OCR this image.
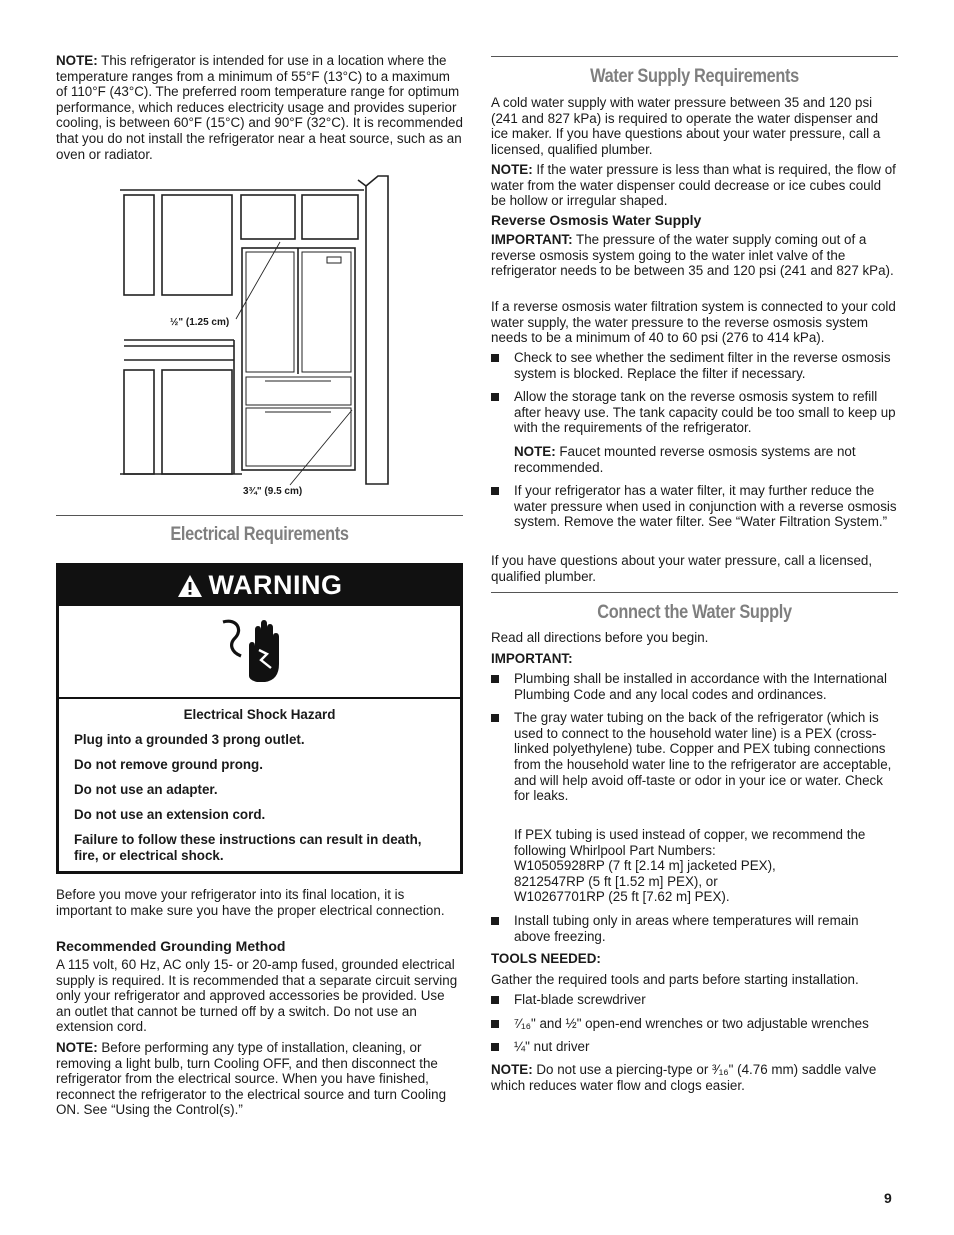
NOTE: This refrigerator is intended for use in a location where the temperature ranges from a minimum of 55°F (13°C) to a maximum of 110°F (43°C). The preferred room temperature range for optimum performance, which reduces electricity usage and provides superior cooling, is between 60°F (15°C) and 90°F (32°C). It is recommended that you do not install the refrigerator near a heat source, such as an oven or radiator.

½" (1.25 cm)
3¾" (9.5 cm)
Electrical Requirements
WARNING

Electrical Shock Hazard

Plug into a grounded 3 prong outlet.

Do not remove ground prong.

Do not use an adapter.

Do not use an extension cord.

Failure to follow these instructions can result in death, fire, or electrical shock.

Before you move your refrigerator into its final location, it is important to make sure you have the proper electrical connection.

Recommended Grounding Method

A 115 volt, 60 Hz, AC only 15- or 20-amp fused, grounded electrical supply is required. It is recommended that a separate circuit serving only your refrigerator and approved accessories be provided. Use an outlet that cannot be turned off by a switch. Do not use an extension cord.

NOTE: Before performing any type of installation, cleaning, or removing a light bulb, turn Cooling OFF, and then disconnect the refrigerator from the electrical source. When you have finished, reconnect the refrigerator to the electrical source and turn Cooling ON. See “Using the Control(s).”

Water Supply Requirements

A cold water supply with water pressure between 35 and 120 psi (241 and 827 kPa) is required to operate the water dispenser and ice maker. If you have questions about your water pressure, call a licensed, qualified plumber.

NOTE: If the water pressure is less than what is required, the flow of water from the water dispenser could decrease or ice cubes could be hollow or irregular shaped.

Reverse Osmosis Water Supply

IMPORTANT: The pressure of the water supply coming out of a reverse osmosis system going to the water inlet valve of the refrigerator needs to be between 35 and 120 psi (241 and 827 kPa).

If a reverse osmosis water filtration system is connected to your cold water supply, the water pressure to the reverse osmosis system needs to be a minimum of 40 to 60 psi (276 to 414 kPa).

Check to see whether the sediment filter in the reverse osmosis system is blocked. Replace the filter if necessary.
Allow the storage tank on the reverse osmosis system to refill after heavy use. The tank capacity could be too small to keep up with the requirements of the refrigerator.

NOTE: Faucet mounted reverse osmosis systems are not recommended.

If your refrigerator has a water filter, it may further reduce the water pressure when used in conjunction with a reverse osmosis system. Remove the water filter. See “Water Filtration System.”

If you have questions about your water pressure, call a licensed, qualified plumber.

Connect the Water Supply

Read all directions before you begin.

IMPORTANT:

Plumbing shall be installed in accordance with the International Plumbing Code and any local codes and ordinances.
The gray water tubing on the back of the refrigerator (which is used to connect to the household water line) is a PEX (cross-linked polyethylene) tube. Copper and PEX tubing connections from the household water line to the refrigerator are acceptable, and will help avoid off-taste or odor in your ice or water. Check for leaks.

If PEX tubing is used instead of copper, we recommend the following Whirlpool Part Numbers:

W10505928RP (7 ft [2.14 m] jacketed PEX),

8212547RP (5 ft [1.52 m] PEX), or

W10267701RP (25 ft [7.62 m] PEX).

Install tubing only in areas where temperatures will remain above freezing.

TOOLS NEEDED:

Gather the required tools and parts before starting installation.

Flat-blade screwdriver
⁷⁄₁₆" and ½" open-end wrenches or two adjustable wrenches
¼" nut driver

NOTE: Do not use a piercing-type or ³⁄₁₆" (4.76 mm) saddle valve which reduces water flow and clogs easier.

9
